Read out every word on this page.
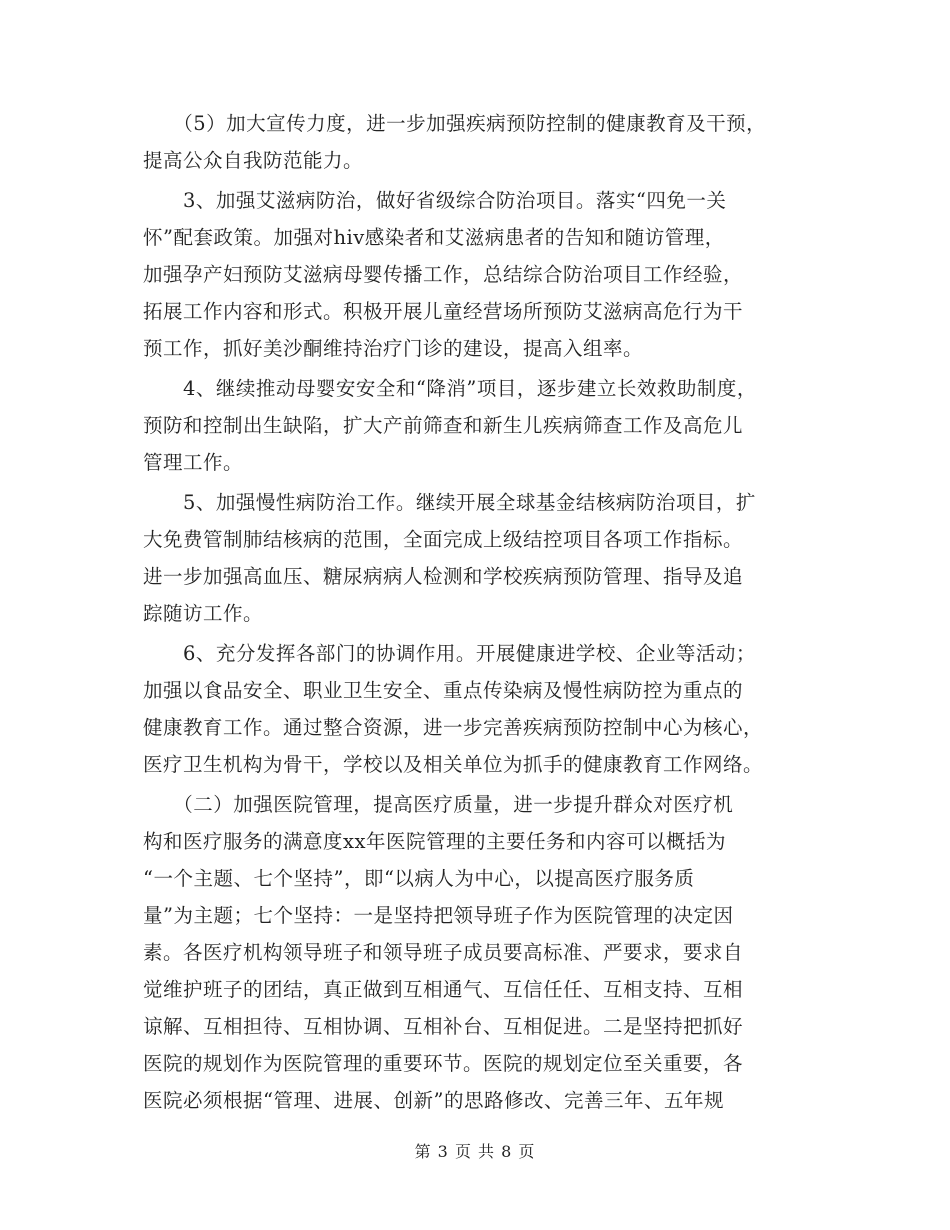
　　（5）加大宣传力度，进一步加强疾病预防控制的健康教育及干预，
提高公众自我防范能力。
　　3、加强艾滋病防治，做好省级综合防治项目。落实“四免一关
怀”配套政策。加强对hiv感染者和艾滋病患者的告知和随访管理，
加强孕产妇预防艾滋病母婴传播工作，总结综合防治项目工作经验，
拓展工作内容和形式。积极开展儿童经营场所预防艾滋病高危行为干
预工作，抓好美沙酮维持治疗门诊的建设，提高入组率。
　　4、继续推动母婴安安全和“降消”项目，逐步建立长效救助制度，
预防和控制出生缺陷，扩大产前筛查和新生儿疾病筛查工作及高危儿
管理工作。
　　5、加强慢性病防治工作。继续开展全球基金结核病防治项目，扩
大免费管制肺结核病的范围，全面完成上级结控项目各项工作指标。
进一步加强高血压、糖尿病病人检测和学校疾病预防管理、指导及追
踪随访工作。
　　6、充分发挥各部门的协调作用。开展健康进学校、企业等活动；
加强以食品安全、职业卫生安全、重点传染病及慢性病防控为重点的
健康教育工作。通过整合资源，进一步完善疾病预防控制中心为核心，
医疗卫生机构为骨干，学校以及相关单位为抓手的健康教育工作网络。
　　（二）加强医院管理，提高医疗质量，进一步提升群众对医疗机
构和医疗服务的满意度xx年医院管理的主要任务和内容可以概括为
“一个主题、七个坚持”，即“以病人为中心，以提高医疗服务质
量”为主题；七个坚持：一是坚持把领导班子作为医院管理的决定因
素。各医疗机构领导班子和领导班子成员要高标准、严要求，要求自
觉维护班子的团结，真正做到互相通气、互信任任、互相支持、互相
谅解、互相担待、互相协调、互相补台、互相促进。二是坚持把抓好
医院的规划作为医院管理的重要环节。医院的规划定位至关重要，各
医院必须根据“管理、进展、创新”的思路修改、完善三年、五年规
第 3 页 共 8 页
